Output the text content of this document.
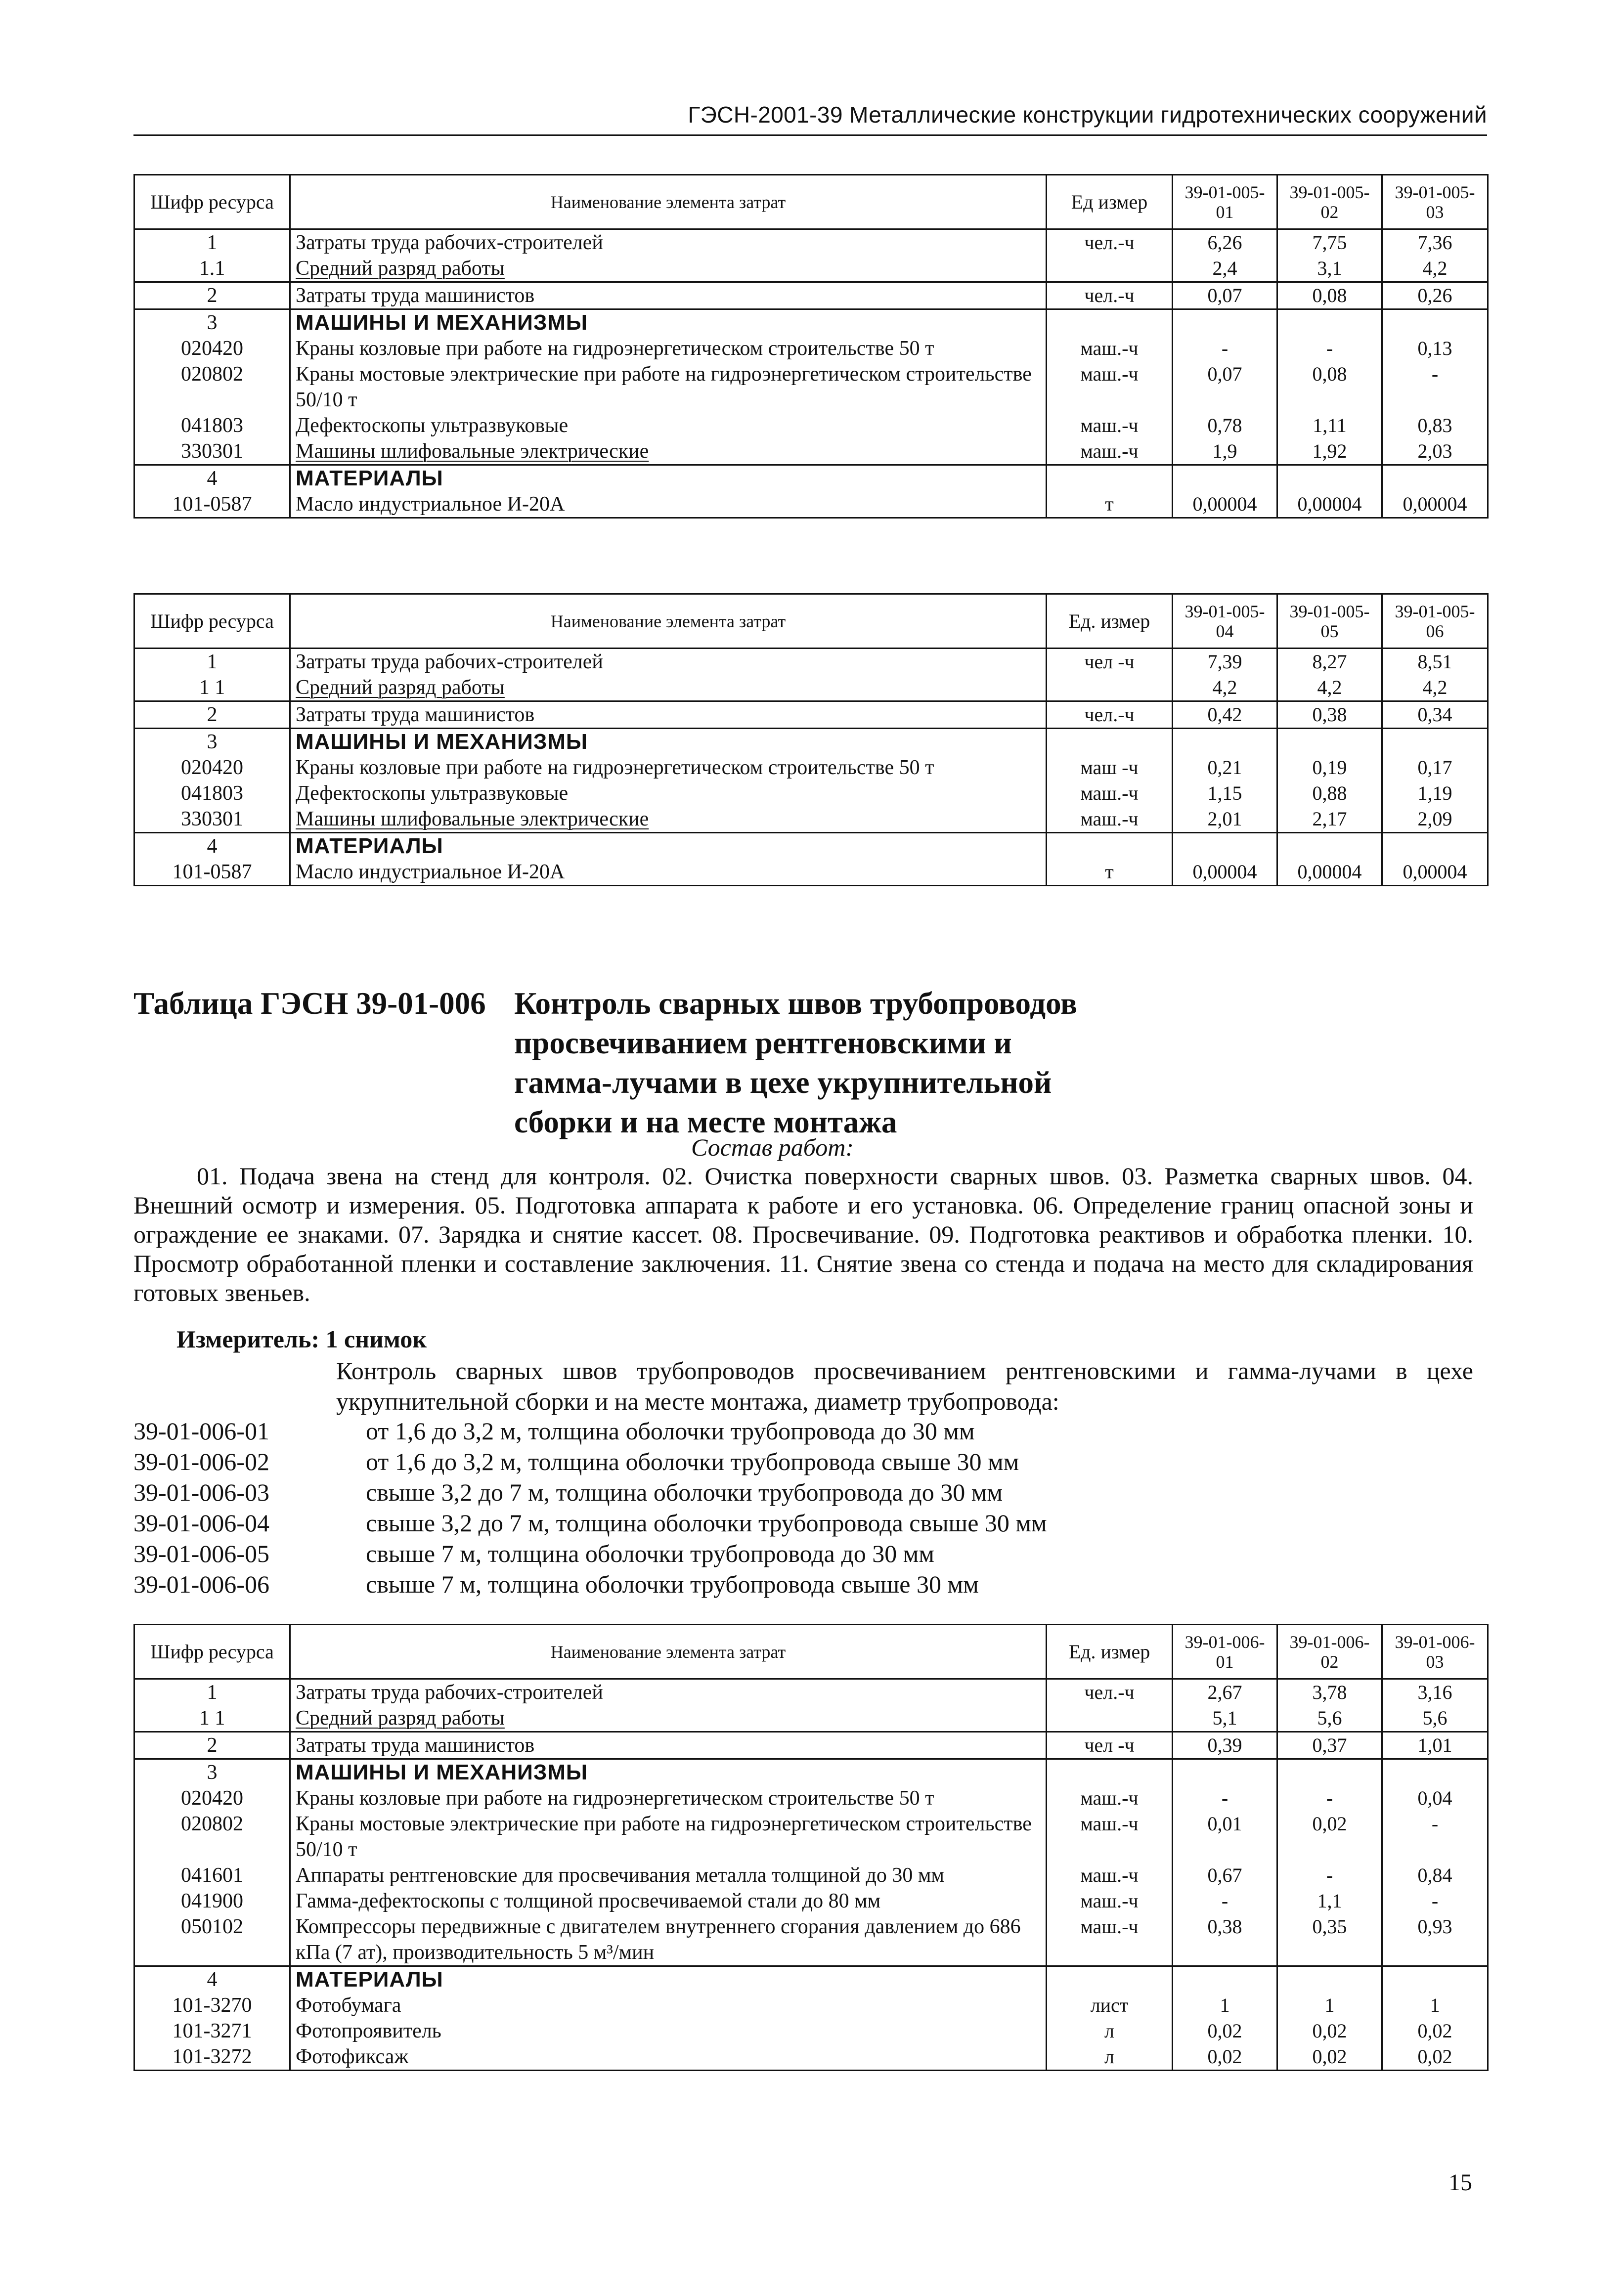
ГЭСН-2001-39 Металлические конструкции гидротехнических сооружений
Шифр ресурса	Наименование элемента затрат	Ед измер	39-01-005-01	39-01-005-02	39-01-005-03
1	Затраты труда рабочих-строителей	чел.-ч	6,26	7,75	7,36
1.1	Средний разряд работы		2,4	3,1	4,2
2	Затраты труда машинистов	чел.-ч	0,07	0,08	0,26
3	МАШИНЫ И МЕХАНИЗМЫ				
020420	Краны козловые при работе на гидроэнергетическом строительстве 50 т	маш.-ч	-	-	0,13
020802	Краны мостовые электрические при работе на гидроэнергетическом строительстве 50/10 т	маш.-ч	0,07	0,08	-
041803	Дефектоскопы ультразвуковые	маш.-ч	0,78	1,11	0,83
330301	Машины шлифовальные электрические	маш.-ч	1,9	1,92	2,03
4	МАТЕРИАЛЫ				
101-0587	Масло индустриальное И-20А	т	0,00004	0,00004	0,00004
Шифр ресурса	Наименование элемента затрат	Ед. измер	39-01-005-04	39-01-005-05	39-01-005-06
1	Затраты труда рабочих-строителей	чел -ч	7,39	8,27	8,51
1 1	Средний разряд работы		4,2	4,2	4,2
2	Затраты труда машинистов	чел.-ч	0,42	0,38	0,34
3	МАШИНЫ И МЕХАНИЗМЫ				
020420	Краны козловые при работе на гидроэнергетическом строительстве 50 т	маш -ч	0,21	0,19	0,17
041803	Дефектоскопы ультразвуковые	маш.-ч	1,15	0,88	1,19
330301	Машины шлифовальные электрические	маш.-ч	2,01	2,17	2,09
4	МАТЕРИАЛЫ				
101-0587	Масло индустриальное И-20А	т	0,00004	0,00004	0,00004
Таблица ГЭСН 39-01-006 Контроль сварных швов трубопроводов просвечиванием рентгеновскими и гамма-лучами в цехе укрупнительной сборки и на месте монтажа
Состав работ:
01. Подача звена на стенд для контроля. 02. Очистка поверхности сварных швов. 03. Разметка сварных швов. 04. Внешний осмотр и измерения. 05. Подготовка аппарата к работе и его установка. 06. Определение границ опасной зоны и ограждение ее знаками. 07. Зарядка и снятие кассет. 08. Просвечивание. 09. Подготовка реактивов и обработка пленки. 10. Просмотр обработанной пленки и составление заключения. 11. Снятие звена со стенда и подача на место для складирования готовых звеньев.
Измеритель: 1 снимок
Контроль сварных швов трубопроводов просвечиванием рентгеновскими и гамма-лучами в цехе укрупнительной сборки и на месте монтажа, диаметр трубопровода:
39-01-006-01	от 1,6 до 3,2 м, толщина оболочки трубопровода до 30 мм
39-01-006-02	от 1,6 до 3,2 м, толщина оболочки трубопровода свыше 30 мм
39-01-006-03	свыше 3,2 до 7 м, толщина оболочки трубопровода до 30 мм
39-01-006-04	свыше 3,2 до 7 м, толщина оболочки трубопровода свыше 30 мм
39-01-006-05	свыше 7 м, толщина оболочки трубопровода до 30 мм
39-01-006-06	свыше 7 м, толщина оболочки трубопровода свыше 30 мм
Шифр ресурса	Наименование элемента затрат	Ед. измер	39-01-006-01	39-01-006-02	39-01-006-03
1	Затраты труда рабочих-строителей	чел.-ч	2,67	3,78	3,16
1 1	Средний разряд работы		5,1	5,6	5,6
2	Затраты труда машинистов	чел -ч	0,39	0,37	1,01
3	МАШИНЫ И МЕХАНИЗМЫ				
020420	Краны козловые при работе на гидроэнергетическом строительстве 50 т	маш.-ч	-	-	0,04
020802	Краны мостовые электрические при работе на гидроэнергетическом строительстве 50/10 т	маш.-ч	0,01	0,02	-
041601	Аппараты рентгеновские для просвечивания металла толщиной до 30 мм	маш.-ч	0,67	-	0,84
041900	Гамма-дефектоскопы с толщиной просвечиваемой стали до 80 мм	маш.-ч	-	1,1	-
050102	Компрессоры передвижные с двигателем внутреннего сгорания давлением до 686 кПа (7 ат), производительность 5 м³/мин	маш.-ч	0,38	0,35	0,93
4	МАТЕРИАЛЫ				
101-3270	Фотобумага	лист	1	1	1
101-3271	Фотопроявитель	л	0,02	0,02	0,02
101-3272	Фотофиксаж	л	0,02	0,02	0,02
15
